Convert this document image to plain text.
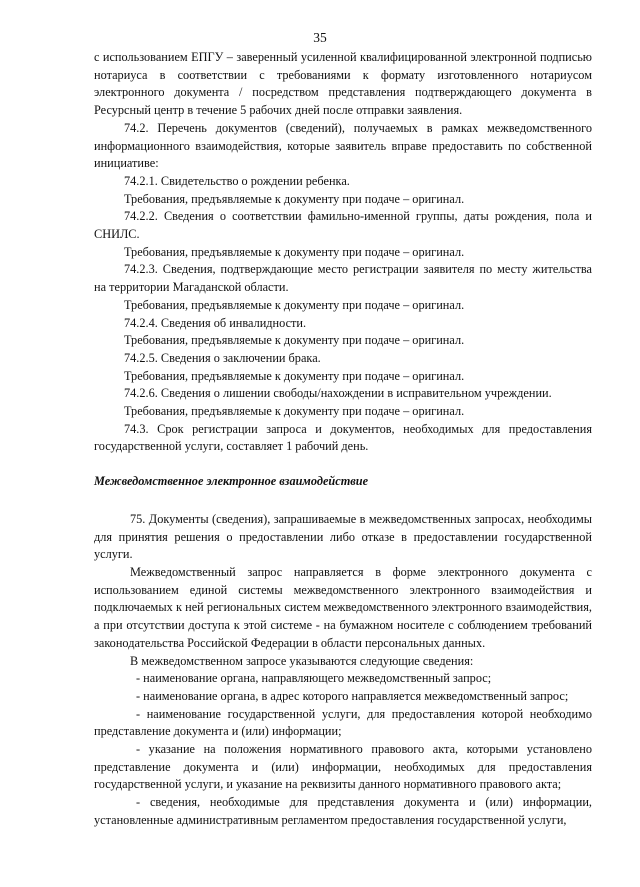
35

с использованием ЕПГУ – заверенный усиленной квалифицированной электронной подписью нотариуса в соответствии с требованиями к формату изготовленного нотариусом электронного документа / посредством представления подтверждающего документа в Ресурсный центр в течение 5 рабочих дней после отправки заявления.

74.2. Перечень документов (сведений), получаемых в рамках межведомственного информационного взаимодействия, которые заявитель вправе предоставить по собственной инициативе:

74.2.1. Свидетельство о рождении ребенка.

Требования, предъявляемые к документу при подаче – оригинал.

74.2.2. Сведения о соответствии фамильно-именной группы, даты рождения, пола и СНИЛС.

Требования, предъявляемые к документу при подаче – оригинал.

74.2.3. Сведения, подтверждающие место регистрации заявителя по месту жительства на территории Магаданской области.

Требования, предъявляемые к документу при подаче – оригинал.

74.2.4. Сведения об инвалидности.

Требования, предъявляемые к документу при подаче – оригинал.

74.2.5. Сведения о заключении брака.

Требования, предъявляемые к документу при подаче – оригинал.

74.2.6. Сведения о лишении свободы/нахождении в исправительном учреждении.

Требования, предъявляемые к документу при подаче – оригинал.

74.3. Срок регистрации запроса и документов, необходимых для предоставления государственной услуги, составляет 1 рабочий день.

Межведомственное электронное взаимодействие

75. Документы (сведения), запрашиваемые в межведомственных запросах, необходимы для принятия решения о предоставлении либо отказе в предоставлении государственной услуги.

Межведомственный запрос направляется в форме электронного документа с использованием единой системы межведомственного электронного взаимодействия и подключаемых к ней региональных систем межведомственного электронного взаимодействия, а при отсутствии доступа к этой системе - на бумажном носителе с соблюдением требований законодательства Российской Федерации в области персональных данных.

В межведомственном запросе указываются следующие сведения:

- наименование органа, направляющего межведомственный запрос;

- наименование органа, в адрес которого направляется межведомственный запрос;

- наименование государственной услуги, для предоставления которой необходимо представление документа и (или) информации;

- указание на положения нормативного правового акта, которыми установлено представление документа и (или) информации, необходимых для предоставления государственной услуги, и указание на реквизиты данного нормативного правового акта;

- сведения, необходимые для представления документа и (или) информации, установленные административным регламентом предоставления государственной услуги,
